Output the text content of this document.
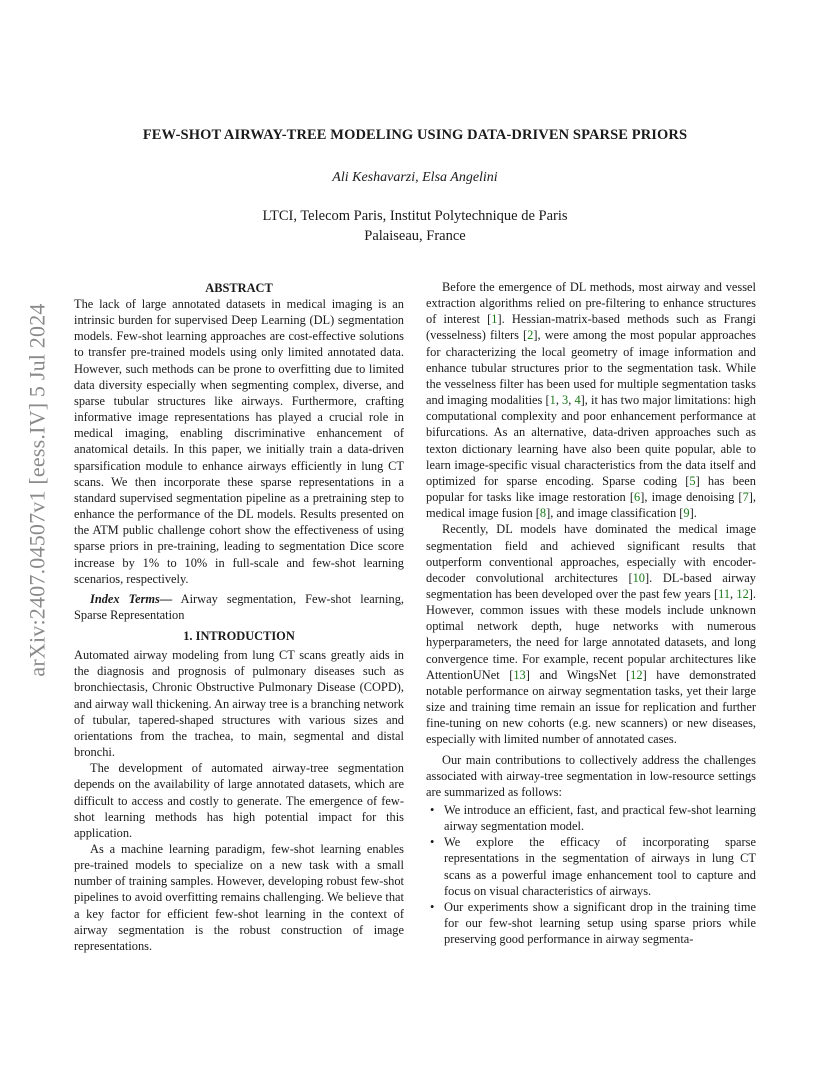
arXiv:2407.04507v1 [eess.IV] 5 Jul 2024
FEW-SHOT AIRWAY-TREE MODELING USING DATA-DRIVEN SPARSE PRIORS
Ali Keshavarzi, Elsa Angelini
LTCI, Telecom Paris, Institut Polytechnique de Paris
Palaiseau, France
ABSTRACT

The lack of large annotated datasets in medical imaging is an intrinsic burden for supervised Deep Learning (DL) segmentation models. Few-shot learning approaches are cost-effective solutions to transfer pre-trained models using only limited annotated data. However, such methods can be prone to overfitting due to limited data diversity especially when segmenting complex, diverse, and sparse tubular structures like airways. Furthermore, crafting informative image representations has played a crucial role in medical imaging, enabling discriminative enhancement of anatomical details. In this paper, we initially train a data-driven sparsification module to enhance airways efficiently in lung CT scans. We then incorporate these sparse representations in a standard supervised segmentation pipeline as a pretraining step to enhance the performance of the DL models. Results presented on the ATM public challenge cohort show the effectiveness of using sparse priors in pre-training, leading to segmentation Dice score increase by 1% to 10% in full-scale and few-shot learning scenarios, respectively.

Index Terms— Airway segmentation, Few-shot learning, Sparse Representation

1. INTRODUCTION

Automated airway modeling from lung CT scans greatly aids in the diagnosis and prognosis of pulmonary diseases such as bronchiectasis, Chronic Obstructive Pulmonary Disease (COPD), and airway wall thickening. An airway tree is a branching network of tubular, tapered-shaped structures with various sizes and orientations from the trachea, to main, segmental and distal bronchi.

The development of automated airway-tree segmentation depends on the availability of large annotated datasets, which are difficult to access and costly to generate. The emergence of few-shot learning methods has high potential impact for this application.

As a machine learning paradigm, few-shot learning enables pre-trained models to specialize on a new task with a small number of training samples. However, developing robust few-shot pipelines to avoid overfitting remains challenging. We believe that a key factor for efficient few-shot learning in the context of airway segmentation is the robust construction of image representations.

Before the emergence of DL methods, most airway and vessel extraction algorithms relied on pre-filtering to enhance structures of interest [1]. Hessian-matrix-based methods such as Frangi (vesselness) filters [2], were among the most popular approaches for characterizing the local geometry of image information and enhance tubular structures prior to the segmentation task. While the vesselness filter has been used for multiple segmentation tasks and imaging modalities [1, 3, 4], it has two major limitations: high computational complexity and poor enhancement performance at bifurcations. As an alternative, data-driven approaches such as texton dictionary learning have also been quite popular, able to learn image-specific visual characteristics from the data itself and optimized for sparse encoding. Sparse coding [5] has been popular for tasks like image restoration [6], image denoising [7], medical image fusion [8], and image classification [9].

Recently, DL models have dominated the medical image segmentation field and achieved significant results that outperform conventional approaches, especially with encoder-decoder convolutional architectures [10]. DL-based airway segmentation has been developed over the past few years [11, 12]. However, common issues with these models include unknown optimal network depth, huge networks with numerous hyperparameters, the need for large annotated datasets, and long convergence time. For example, recent popular architectures like AttentionUNet [13] and WingsNet [12] have demonstrated notable performance on airway segmentation tasks, yet their large size and training time remain an issue for replication and further fine-tuning on new cohorts (e.g. new scanners) or new diseases, especially with limited number of annotated cases.

Our main contributions to collectively address the challenges associated with airway-tree segmentation in low-resource settings are summarized as follows:

• We introduce an efficient, fast, and practical few-shot learning airway segmentation model.
• We explore the efficacy of incorporating sparse representations in the segmentation of airways in lung CT scans as a powerful image enhancement tool to capture and focus on visual characteristics of airways.
• Our experiments show a significant drop in the training time for our few-shot learning setup using sparse priors while preserving good performance in airway segmenta-
